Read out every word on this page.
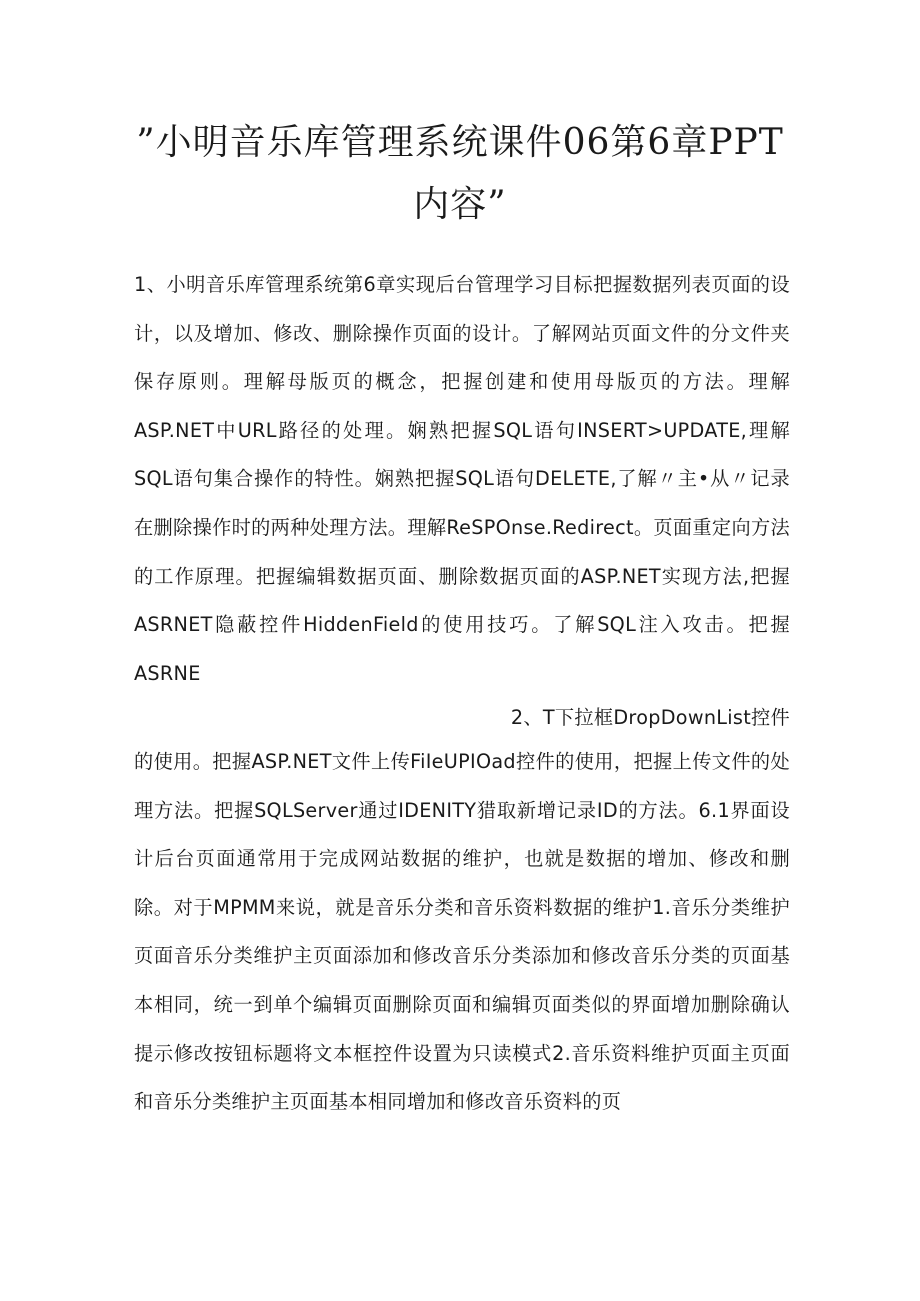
”小明音乐库管理系统课件06第6章PPT
内容”

1、小明音乐库管理系统第6章实现后台管理学习目标把握数据列表页面的设计，以及增加、修改、删除操作页面的设计。了解网站页面文件的分文件夹保存原则。理解母版页的概念，把握创建和使用母版页的方法。理解ASP.NET中URL路径的处理。娴熟把握SQL语句INSERT>UPDATE,理解SQL语句集合操作的特性。娴熟把握SQL语句DELETE,了解〃主•从〃记录在删除操作时的两种处理方法。理解ReSPOnse.Redirect。页面重定向方法的工作原理。把握编辑数据页面、删除数据页面的ASP.NET实现方法,把握ASRNET隐蔽控件HiddenField的使用技巧。了解SQL注入攻击。把握ASRNE

2、T下拉框DropDownList控件

的使用。把握ASP.NET文件上传FiIeUPIOad控件的使用，把握上传文件的处理方法。把握SQLServer通过IDENITY猎取新增记录ID的方法。6.1界面设计后台页面通常用于完成网站数据的维护，也就是数据的增加、修改和删除。对于MPMM来说，就是音乐分类和音乐资料数据的维护1.音乐分类维护页面音乐分类维护主页面添加和修改音乐分类添加和修改音乐分类的页面基本相同，统一到单个编辑页面删除页面和编辑页面类似的界面增加删除确认提示修改按钮标题将文本框控件设置为只读模式2.音乐资料维护页面主页面和音乐分类维护主页面基本相同增加和修改音乐资料的页
